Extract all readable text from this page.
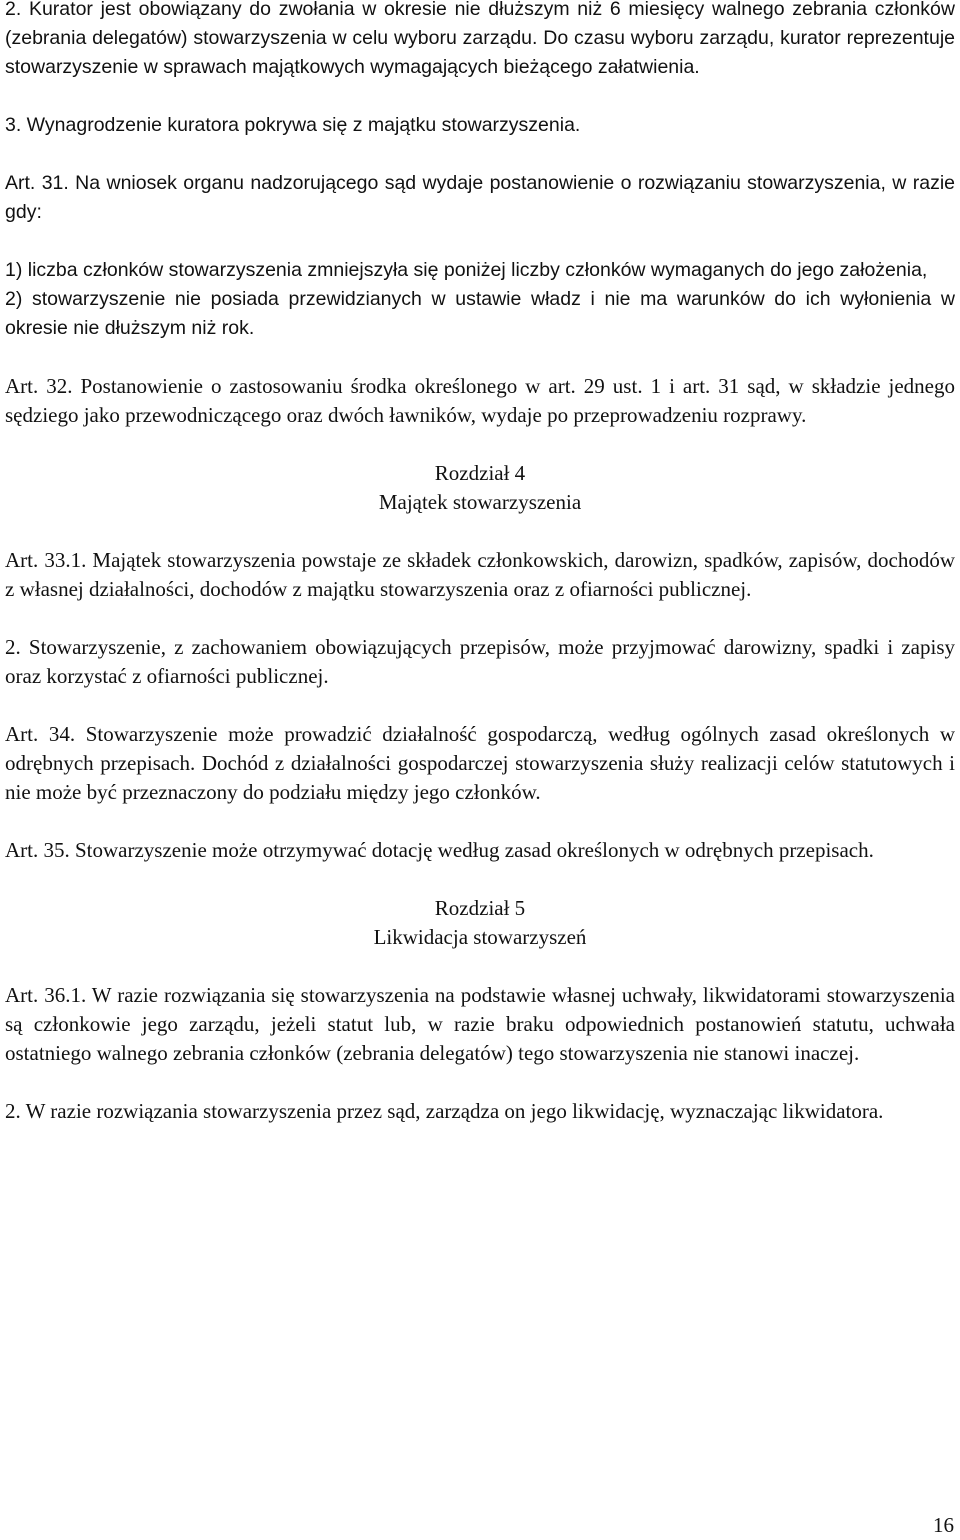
2. Kurator jest obowiązany do zwołania w okresie nie dłuższym niż 6 miesięcy walnego zebrania członków (zebrania delegatów) stowarzyszenia w celu wyboru zarządu. Do czasu wyboru zarządu, kurator reprezentuje stowarzyszenie w sprawach majątkowych wymagających bieżącego załatwienia.

3. Wynagrodzenie kuratora pokrywa się z majątku stowarzyszenia.

Art. 31. Na wniosek organu nadzorującego sąd wydaje postanowienie o rozwiązaniu stowarzyszenia, w razie gdy:

1) liczba członków stowarzyszenia zmniejszyła się poniżej liczby członków wymaganych do jego założenia,

2) stowarzyszenie nie posiada przewidzianych w ustawie władz i nie ma warunków do ich wyłonienia w okresie nie dłuższym niż rok.

Art. 32. Postanowienie o zastosowaniu środka określonego w art. 29 ust. 1 i art. 31 sąd, w składzie jednego sędziego jako przewodniczącego oraz dwóch ławników, wydaje po przeprowadzeniu rozprawy.

Rozdział 4

Majątek stowarzyszenia

Art. 33.1. Majątek stowarzyszenia powstaje ze składek członkowskich, darowizn, spadków, zapisów, dochodów z własnej działalności, dochodów z majątku stowarzyszenia oraz z ofiarności publicznej.

2. Stowarzyszenie, z zachowaniem obowiązujących przepisów, może przyjmować darowizny, spadki i zapisy oraz korzystać z ofiarności publicznej.

Art. 34. Stowarzyszenie może prowadzić działalność gospodarczą, według ogólnych zasad określonych w odrębnych przepisach. Dochód z działalności gospodarczej stowarzyszenia służy realizacji celów statutowych i nie może być przeznaczony do podziału między jego członków.

Art. 35. Stowarzyszenie może otrzymywać dotację według zasad określonych w odrębnych przepisach.

Rozdział 5

Likwidacja stowarzyszeń

Art. 36.1. W razie rozwiązania się stowarzyszenia na podstawie własnej uchwały, likwidatorami stowarzyszenia są członkowie jego zarządu, jeżeli statut lub, w razie braku odpowiednich postanowień statutu, uchwała ostatniego walnego zebrania członków (zebrania delegatów) tego stowarzyszenia nie stanowi inaczej.

2. W razie rozwiązania stowarzyszenia przez sąd, zarządza on jego likwidację, wyznaczając likwidatora.

16
